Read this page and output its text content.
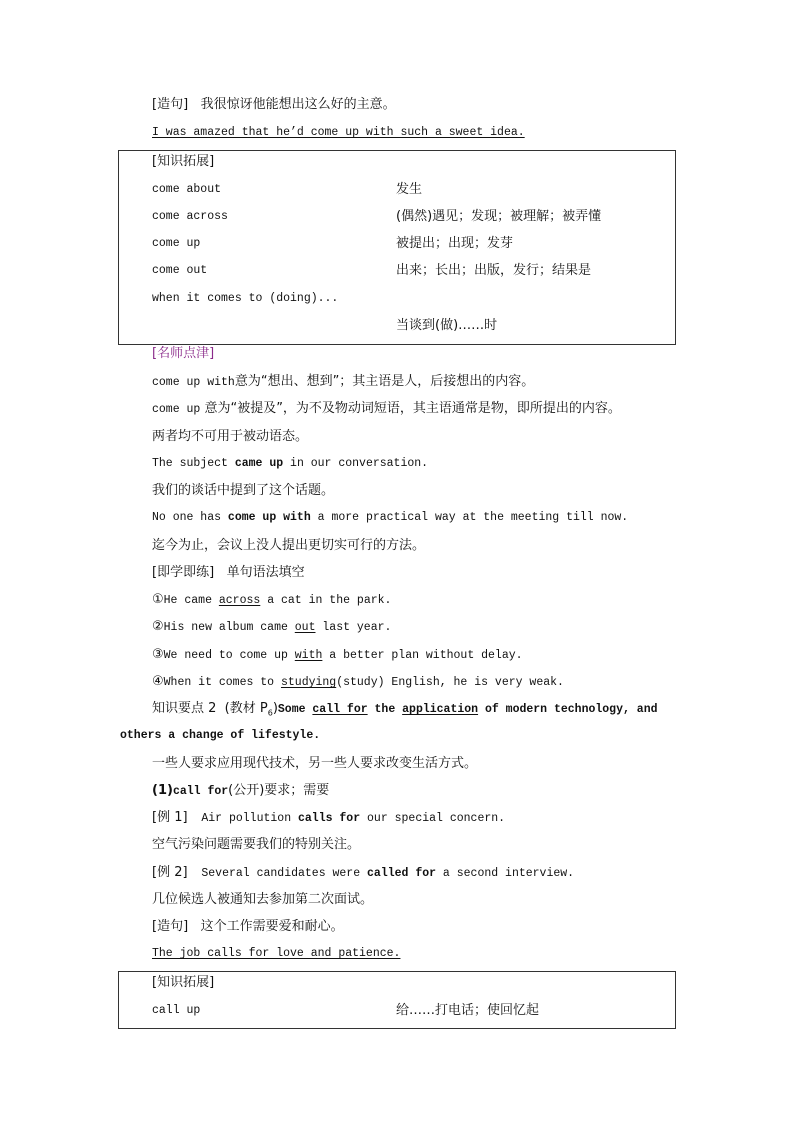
[造句] 我很惊讶他能想出这么好的主意。
I was amazed that he’d come up with such a sweet idea.
[知识拓展]
come about	发生
come across	(偶然)遇见；发现；被理解；被弄懂
come up	被提出；出现；发芽
come out	出来；长出；出版，发行；结果是
when it comes to (doing)...
当谈到(做)……时
[名师点津]
come up with意为“想出、想到”；其主语是人，后接想出的内容。
come up 意为“被提及”，为不及物动词短语，其主语通常是物，即所提出的内容。
两者均不可用于被动语态。
The subject came up in our conversation.
我们的谈话中提到了这个话题。
No one has come up with a more practical way at the meeting till now.
迄今为止，会议上没人提出更切实可行的方法。
[即学即练] 单句语法填空
①He came across a cat in the park.
②His new album came out last year.
③We need to come up with a better plan without delay.
④When it comes to studying(study) English, he is very weak.
知识要点 2 (教材 $P_6)Some$ call for the application of modern technology, and
others a change of lifestyle.
一些人要求应用现代技术，另一些人要求改变生活方式。
(1)call for(公开)要求；需要
[例 1] Air pollution calls for our special concern.
空气污染问题需要我们的特别关注。
[例 2] Several candidates were called for a second interview.
几位候选人被通知去参加第二次面试。
[造句] 这个工作需要爱和耐心。
The job calls for love and patience.
[知识拓展]
call up	给……打电话；使回忆起
